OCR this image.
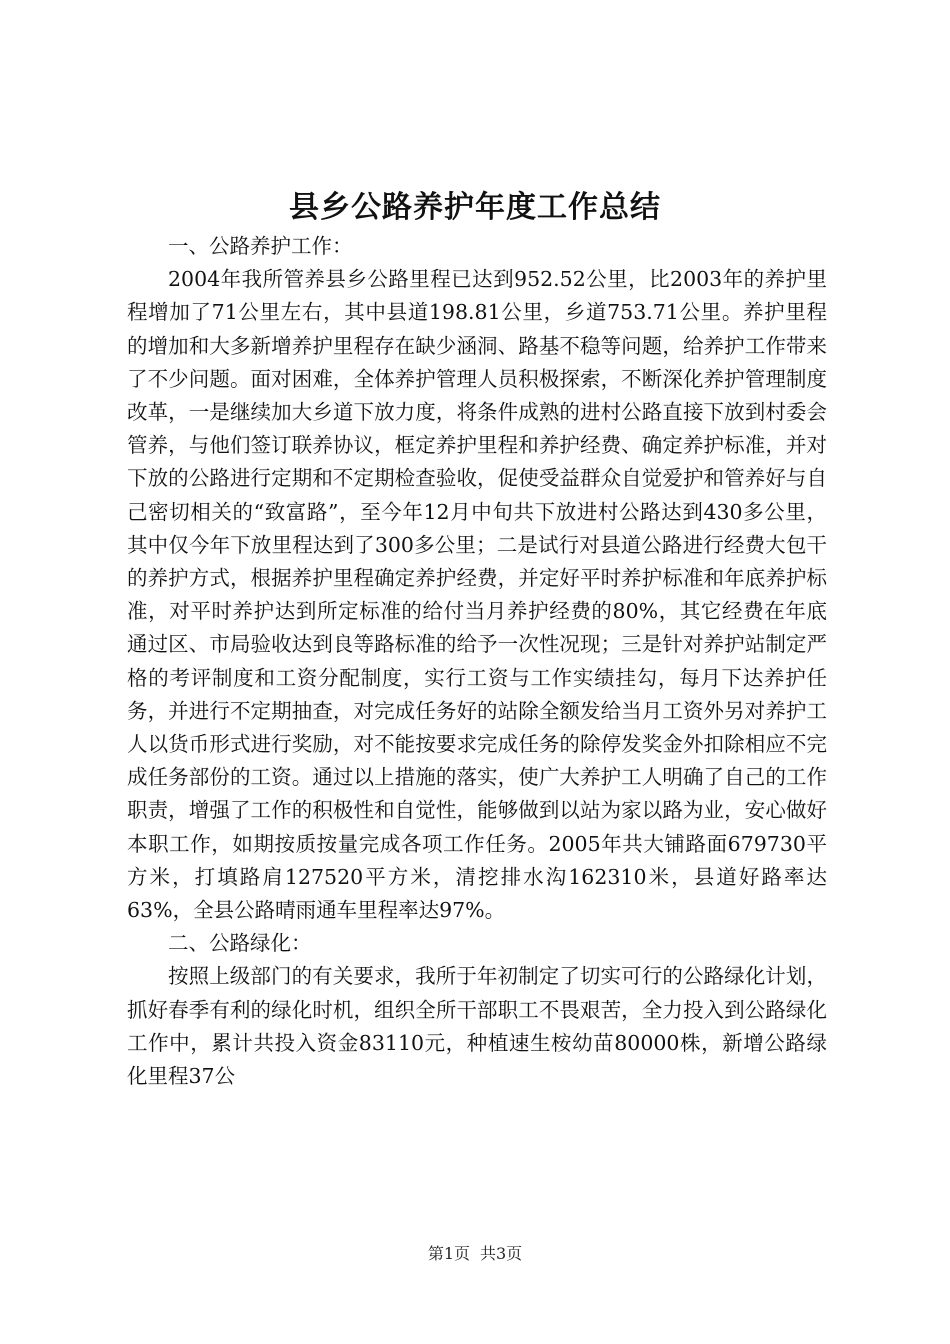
县乡公路养护年度工作总结

一、公路养护工作：

2004年我所管养县乡公路里程已达到952.52公里，比2003年的养护里程增加了71公里左右，其中县道198.81公里，乡道753.71公里。养护里程的增加和大多新增养护里程存在缺少涵洞、路基不稳等问题，给养护工作带来了不少问题。面对困难，全体养护管理人员积极探索，不断深化养护管理制度改革，一是继续加大乡道下放力度，将条件成熟的进村公路直接下放到村委会管养，与他们签订联养协议，框定养护里程和养护经费、确定养护标准，并对下放的公路进行定期和不定期检查验收，促使受益群众自觉爱护和管养好与自己密切相关的“致富路”，至今年12月中旬共下放进村公路达到430多公里，其中仅今年下放里程达到了300多公里；二是试行对县道公路进行经费大包干的养护方式，根据养护里程确定养护经费，并定好平时养护标准和年底养护标准，对平时养护达到所定标准的给付当月养护经费的80%，其它经费在年底通过区、市局验收达到良等路标准的给予一次性况现；三是针对养护站制定严格的考评制度和工资分配制度，实行工资与工作实绩挂勾，每月下达养护任务，并进行不定期抽查，对完成任务好的站除全额发给当月工资外另对养护工人以货币形式进行奖励，对不能按要求完成任务的除停发奖金外扣除相应不完成任务部份的工资。通过以上措施的落实，使广大养护工人明确了自己的工作职责，增强了工作的积极性和自觉性，能够做到以站为家以路为业，安心做好本职工作，如期按质按量完成各项工作任务。2005年共大铺路面679730平方米，打填路肩127520平方米，清挖排水沟162310米，县道好路率达63%，全县公路晴雨通车里程率达97%。

二、公路绿化：

按照上级部门的有关要求，我所于年初制定了切实可行的公路绿化计划，抓好春季有利的绿化时机，组织全所干部职工不畏艰苦，全力投入到公路绿化工作中，累计共投入资金83110元，种植速生桉幼苗80000株，新增公路绿化里程37公

第1页 共3页
